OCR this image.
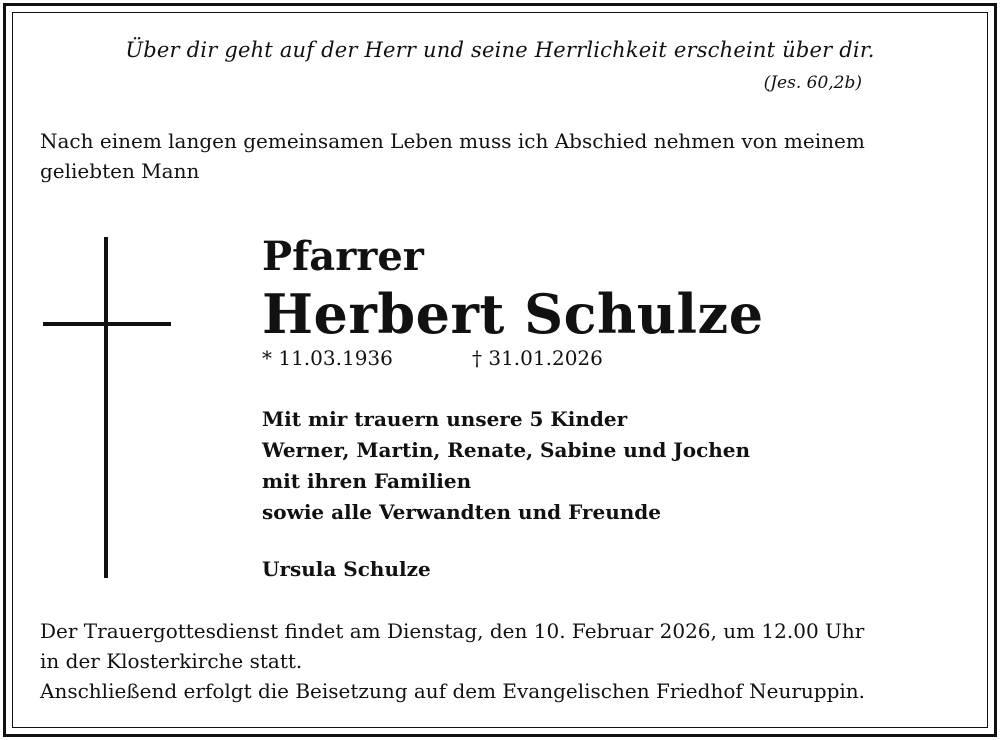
Über dir geht auf der Herr und seine Herrlichkeit erscheint über dir.
(Jes. 60,2b)
Nach einem langen gemeinsamen Leben muss ich Abschied nehmen von meinem
geliebten Mann
Pfarrer
Herbert Schulze
* 11.03.1936	† 31.01.2026
Mit mir trauern unsere 5 Kinder
Werner, Martin, Renate, Sabine und Jochen
mit ihren Familien
sowie alle Verwandten und Freunde
Ursula Schulze
Der Trauergottesdienst findet am Dienstag, den 10. Februar 2026, um 12.00 Uhr
in der Klosterkirche statt.
Anschließend erfolgt die Beisetzung auf dem Evangelischen Friedhof Neuruppin.
